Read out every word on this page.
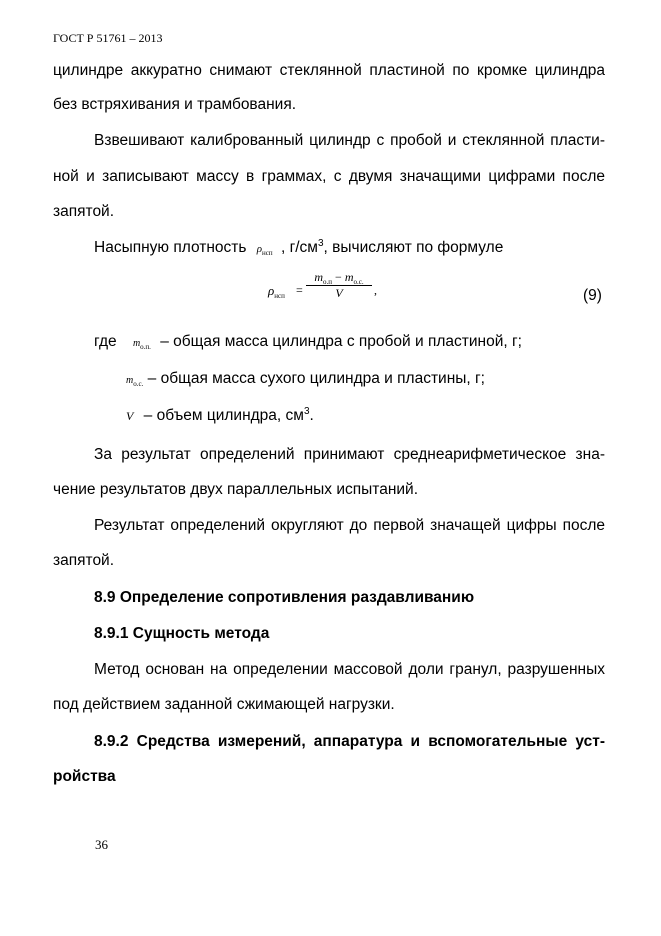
ГОСТ Р 51761 – 2013
цилиндре аккуратно снимают стеклянной пластиной по кромке цилиндра
без встряхивания и трамбования.
Взвешивают калиброванный цилиндр с пробой и стеклянной пласти-
ной и записывают массу в граммах, с двумя значащими цифрами после
запятой.
Насыпную плотность $\rho_{нсп}$ , $г/см^3$, вычисляют по формуле
$\rho_{нсп}$ =
$m_{о.п} - m_{о.с.}$
V	,	(9)
где $m_{о.п.}$ – общая масса цилиндра с пробой и пластиной, г;
$m_{о.с.}$ – общая масса сухого цилиндра и пластины, г;
V – объем цилиндра, $см^3$.
За результат определений принимают среднеарифметическое зна-
чение результатов двух параллельных испытаний.
Результат определений округляют до первой значащей цифры после
запятой.
8.9 Определение сопротивления раздавливанию
8.9.1 Сущность метода
Метод основан на определении массовой доли гранул, разрушенных
под действием заданной сжимающей нагрузки.
8.9.2 Средства измерений, аппаратура и вспомогательные уст-
ройства
36
